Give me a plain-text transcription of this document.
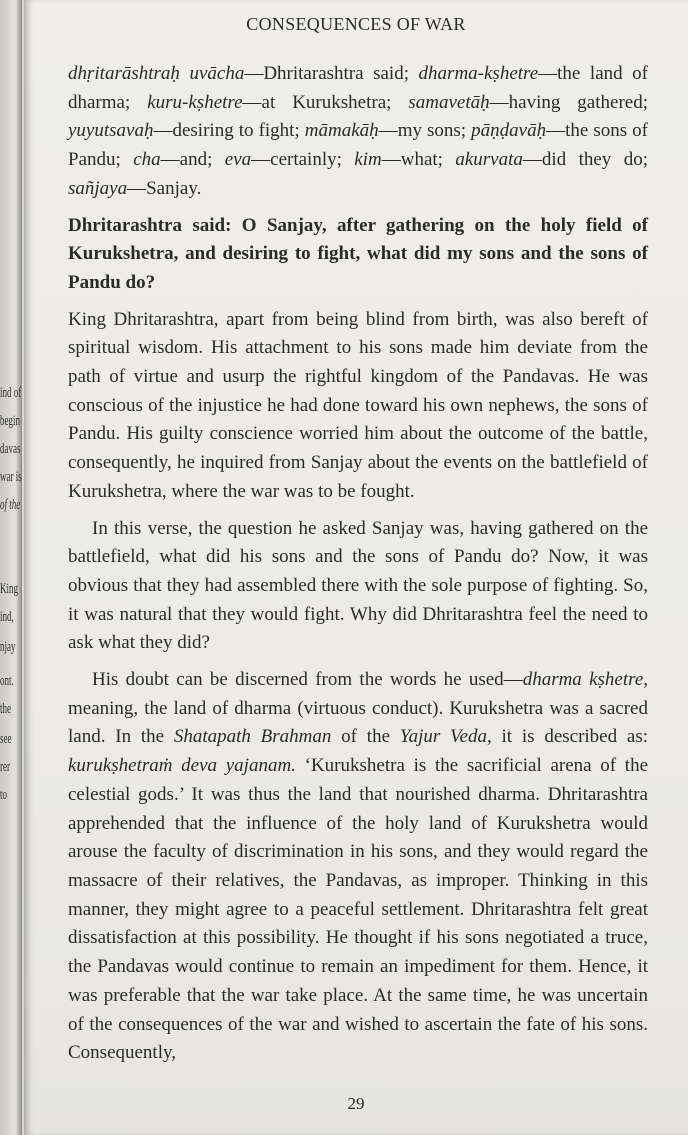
ind of
begin
davas
war is
of the
King
ind,
njay
ont.
the
see
rer
to
CONSEQUENCES OF WAR

dhṛitarāshtraḥ uvācha—Dhritarashtra said; dharma-kṣhetre—the land of dharma; kuru-kṣhetre—at Kurukshetra; samavetāḥ—having gathered; yuyutsavaḥ—desiring to fight; māmakāḥ—my sons; pāṇḍavāḥ—the sons of Pandu; cha—and; eva—certainly; kim—what; akurvata—did they do; sañjaya—Sanjay.

Dhritarashtra said: O Sanjay, after gathering on the holy field of Kurukshetra, and desiring to fight, what did my sons and the sons of Pandu do?

King Dhritarashtra, apart from being blind from birth, was also bereft of spiritual wisdom. His attachment to his sons made him deviate from the path of virtue and usurp the rightful kingdom of the Pandavas. He was conscious of the injustice he had done toward his own nephews, the sons of Pandu. His guilty conscience worried him about the outcome of the battle, consequently, he inquired from Sanjay about the events on the battlefield of Kurukshetra, where the war was to be fought.

In this verse, the question he asked Sanjay was, having gathered on the battlefield, what did his sons and the sons of Pandu do? Now, it was obvious that they had assembled there with the sole purpose of fighting. So, it was natural that they would fight. Why did Dhritarashtra feel the need to ask what they did?

His doubt can be discerned from the words he used—dharma kṣhetre, meaning, the land of dharma (virtuous conduct). Kurukshetra was a sacred land. In the Shatapath Brahman of the Yajur Veda, it is described as: kurukṣhetraṁ deva yajanam. ‘Kurukshetra is the sacrificial arena of the celestial gods.’ It was thus the land that nourished dharma. Dhritarashtra apprehended that the influence of the holy land of Kurukshetra would arouse the faculty of discrimination in his sons, and they would regard the massacre of their relatives, the Pandavas, as improper. Thinking in this manner, they might agree to a peaceful settlement. Dhritarashtra felt great dissatisfaction at this possibility. He thought if his sons negotiated a truce, the Pandavas would continue to remain an impediment for them. Hence, it was preferable that the war take place. At the same time, he was uncertain of the consequences of the war and wished to ascertain the fate of his sons. Consequently,

29
